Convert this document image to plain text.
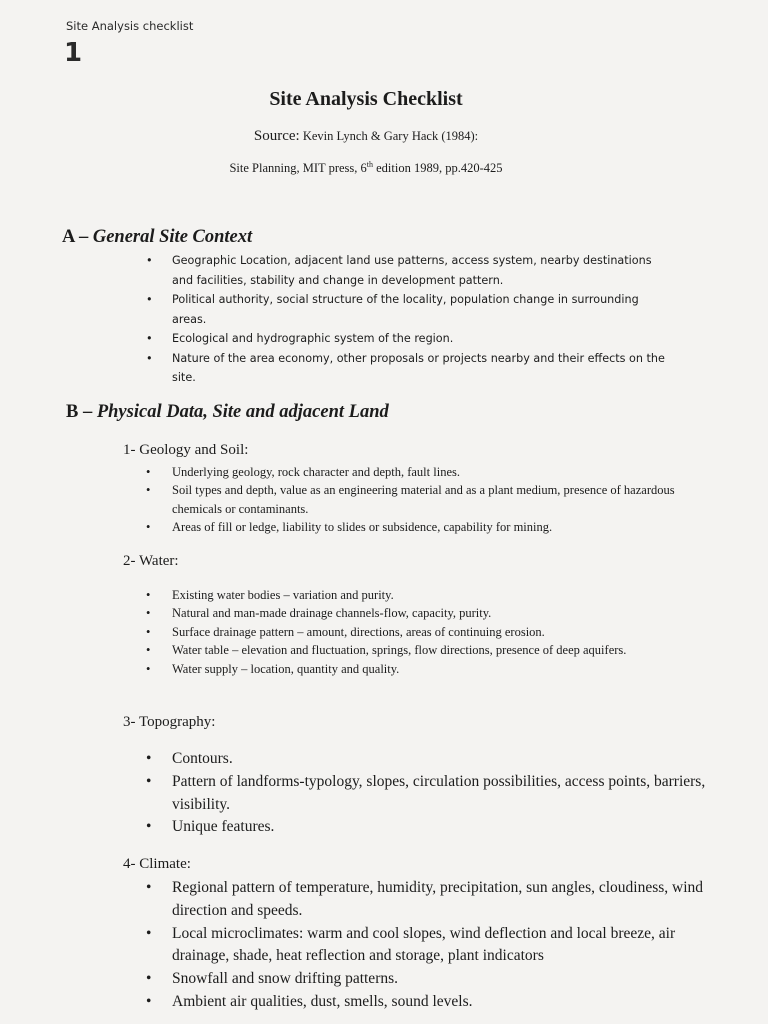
Site Analysis checklist
1
Site Analysis Checklist
Source: Kevin Lynch & Gary Hack (1984):
Site Planning, MIT press, 6th edition 1989, pp.420-425
A – General Site Context
• Geographic Location, adjacent land use patterns, access system, nearby destinations and facilities, stability and change in development pattern.
• Political authority, social structure of the locality, population change in surrounding areas.
• Ecological and hydrographic system of the region.
• Nature of the area economy, other proposals or projects nearby and their effects on the site.
B – Physical Data, Site and adjacent Land
1- Geology and Soil:
• Underlying geology, rock character and depth, fault lines.
• Soil types and depth, value as an engineering material and as a plant medium, presence of hazardous chemicals or contaminants.
• Areas of fill or ledge, liability to slides or subsidence, capability for mining.
2- Water:
• Existing water bodies – variation and purity.
• Natural and man-made drainage channels-flow, capacity, purity.
• Surface drainage pattern – amount, directions, areas of continuing erosion.
• Water table – elevation and fluctuation, springs, flow directions, presence of deep aquifers.
• Water supply – location, quantity and quality.
3- Topography:
• Contours.
• Pattern of landforms-typology, slopes, circulation possibilities, access points, barriers, visibility.
• Unique features.
4- Climate:
• Regional pattern of temperature, humidity, precipitation, sun angles, cloudiness, wind direction and speeds.
• Local microclimates: warm and cool slopes, wind deflection and local breeze, air drainage, shade, heat reflection and storage, plant indicators
• Snowfall and snow drifting patterns.
• Ambient air qualities, dust, smells, sound levels.
